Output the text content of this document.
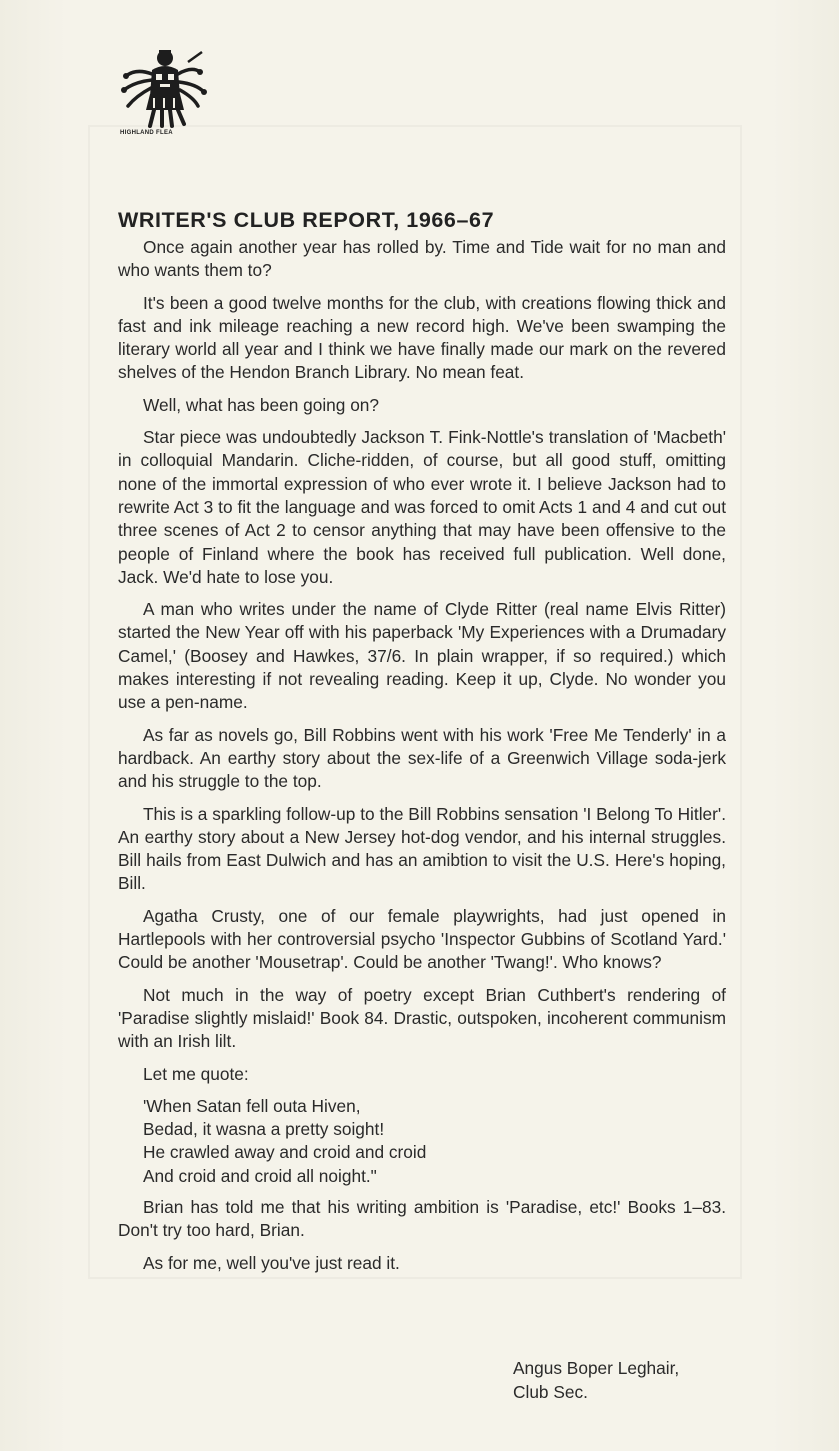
HIGHLAND FLEA
WRITER'S CLUB REPORT, 1966–67

Once again another year has rolled by. Time and Tide wait for no man and who wants them to?

It's been a good twelve months for the club, with creations flowing thick and fast and ink mileage reaching a new record high. We've been swamping the literary world all year and I think we have finally made our mark on the revered shelves of the Hendon Branch Library. No mean feat.

Well, what has been going on?

Star piece was undoubtedly Jackson T. Fink-Nottle's translation of 'Macbeth' in colloquial Mandarin. Cliche-ridden, of course, but all good stuff, omitting none of the immortal expression of who ever wrote it. I believe Jackson had to rewrite Act 3 to fit the language and was forced to omit Acts 1 and 4 and cut out three scenes of Act 2 to censor anything that may have been offensive to the people of Finland where the book has received full publication. Well done, Jack. We'd hate to lose you.

A man who writes under the name of Clyde Ritter (real name Elvis Ritter) started the New Year off with his paperback 'My Experiences with a Drumadary Camel,' (Boosey and Hawkes, 37/6. In plain wrapper, if so required.) which makes interesting if not revealing reading. Keep it up, Clyde. No wonder you use a pen-name.

As far as novels go, Bill Robbins went with his work 'Free Me Tenderly' in a hardback. An earthy story about the sex-life of a Greenwich Village soda-jerk and his struggle to the top.

This is a sparkling follow-up to the Bill Robbins sensation 'I Belong To Hitler'. An earthy story about a New Jersey hot-dog vendor, and his internal struggles. Bill hails from East Dulwich and has an amibtion to visit the U.S. Here's hoping, Bill.

Agatha Crusty, one of our female playwrights, had just opened in Hartlepools with her controversial psycho 'Inspector Gubbins of Scotland Yard.' Could be another 'Mousetrap'. Could be another 'Twang!'. Who knows?

Not much in the way of poetry except Brian Cuthbert's rendering of 'Paradise slightly mislaid!' Book 84. Drastic, outspoken, incoherent communism with an Irish lilt.

Let me quote:

'When Satan fell outa Hiven,
Bedad, it wasna a pretty soight!
He crawled away and croid and croid
And croid and croid all noight."

Brian has told me that his writing ambition is 'Paradise, etc!' Books 1–83. Don't try too hard, Brian.

As for me, well you've just read it.

Angus Boper Leghair,
Club Sec.
